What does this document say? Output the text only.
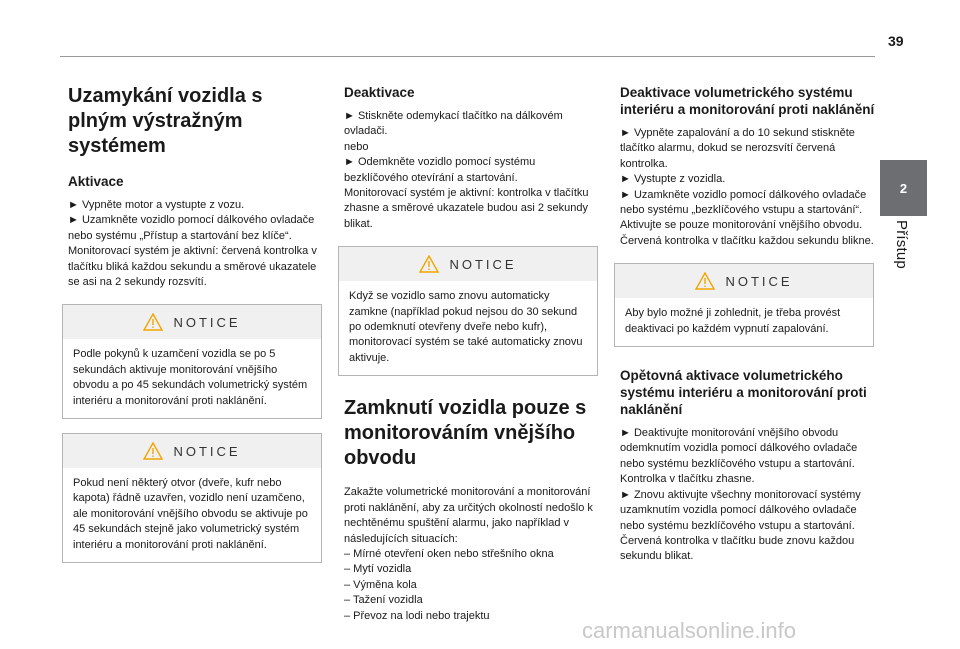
39
2
Přístup
Uzamykání vozidla s plným výstražným systémem
Aktivace

► Vypněte motor a vystupte z vozu.
► Uzamkněte vozidlo pomocí dálkového ovladače nebo systému „Přístup a startování bez klíče“.
Monitorovací systém je aktivní: červená kontrolka v tlačítku bliká každou sekundu a směrové ukazatele se asi na 2 sekundy rozsvítí.

NOTICE
Podle pokynů k uzamčení vozidla se po 5 sekundách aktivuje monitorování vnějšího obvodu a po 45 sekundách volumetrický systém interiéru a monitorování proti naklánění.
NOTICE
Pokud není některý otvor (dveře, kufr nebo kapota) řádně uzavřen, vozidlo není uzamčeno, ale monitorování vnějšího obvodu se aktivuje po 45 sekundách stejně jako volumetrický systém interiéru a monitorování proti naklánění.
Deaktivace

► Stiskněte odemykací tlačítko na dálkovém ovladači.
nebo
► Odemkněte vozidlo pomocí systému bezklíčového otevírání a startování.
Monitorovací systém je aktivní: kontrolka v tlačítku zhasne a směrové ukazatele budou asi 2 sekundy blikat.

NOTICE
Když se vozidlo samo znovu automaticky zamkne (například pokud nejsou do 30 sekund po odemknutí otevřeny dveře nebo kufr), monitorovací systém se také automaticky znovu aktivuje.
Zamknutí vozidla pouze s monitorováním vnějšího obvodu

Zakažte volumetrické monitorování a monitorování proti naklánění, aby za určitých okolností nedošlo k nechtěnému spuštění alarmu, jako například v následujících situacích:
– Mírné otevření oken nebo střešního okna
– Mytí vozidla
– Výměna kola
– Tažení vozidla
– Převoz na lodi nebo trajektu

Deaktivace volumetrického systému interiéru a monitorování proti naklánění

► Vypněte zapalování a do 10 sekund stiskněte tlačítko alarmu, dokud se nerozsvítí červená kontrolka.
► Vystupte z vozidla.
► Uzamkněte vozidlo pomocí dálkového ovladače nebo systému „bezklíčového vstupu a startování“.
Aktivujte se pouze monitorování vnějšího obvodu. Červená kontrolka v tlačítku každou sekundu blikne.

NOTICE
Aby bylo možné ji zohlednit, je třeba provést deaktivaci po každém vypnutí zapalování.
Opětovná aktivace volumetrického systému interiéru a monitorování proti naklánění

► Deaktivujte monitorování vnějšího obvodu odemknutím vozidla pomocí dálkového ovladače nebo systému bezklíčového vstupu a startování.
Kontrolka v tlačítku zhasne.
► Znovu aktivujte všechny monitorovací systémy uzamknutím vozidla pomocí dálkového ovladače nebo systému bezklíčového vstupu a startování.
Červená kontrolka v tlačítku bude znovu každou sekundu blikat.

carmanualsonline.info
